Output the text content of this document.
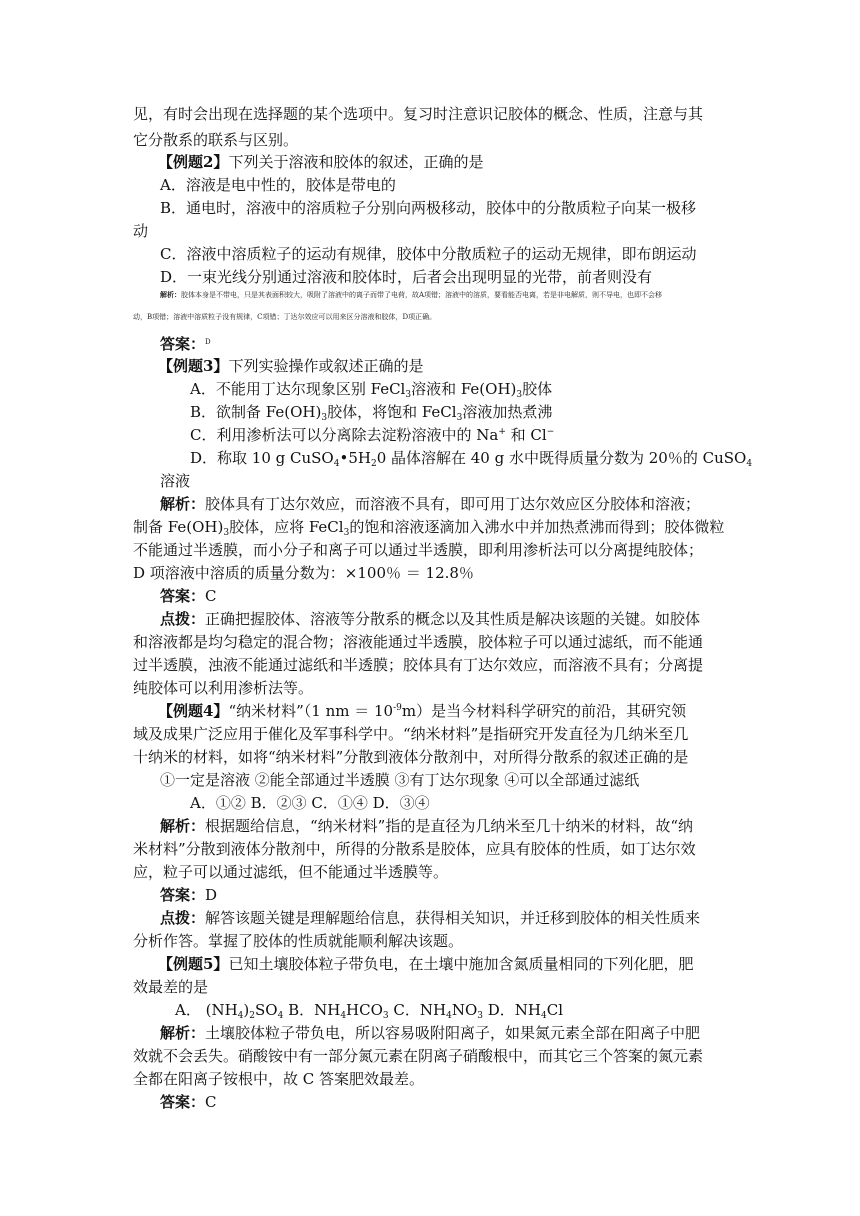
见，有时会出现在选择题的某个选项中。复习时注意识记胶体的概念、性质，注意与其
它分散系的联系与区别。
【例题2】下列关于溶液和胶体的叙述，正确的是
A．溶液是电中性的，胶体是带电的
B．通电时，溶液中的溶质粒子分别向两极移动，胶体中的分散质粒子向某一极移
动
C．溶液中溶质粒子的运动有规律，胶体中分散质粒子的运动无规律，即布朗运动
D．一束光线分别通过溶液和胶体时，后者会出现明显的光带，前者则没有
解析：胶体本身是不带电，只是其表面积较大，吸附了溶液中的离子而带了电荷，故A项错；溶液中的溶质，要看能否电离，若是非电解质，则不导电，也即不会移
动，B项错；溶液中溶质粒子没有规律，C项错；丁达尔效应可以用来区分溶液和胶体，D项正确。
答案：$^D$
【例题3】下列实验操作或叙述正确的是
A．不能用丁达尔现象区别 FeCl$_3$溶液和 $Fe(OH)_3$胶体
B．欲制备 $Fe(OH)_3$胶体，将饱和 FeCl$_3$溶液加热煮沸
C．利用渗析法可以分离除去淀粉溶液中的 Na+ 和 Cl−
D．称取 10 g $CuSO_4•5H_20$ 晶体溶解在 40 g 水中既得质量分数为 20％的 CuSO$_4$
溶液
解析：胶体具有丁达尔效应，而溶液不具有，即可用丁达尔效应区分胶体和溶液；
制备 $Fe(OH)_3$胶体，应将 FeCl$_3$的饱和溶液逐滴加入沸水中并加热煮沸而得到；胶体微粒
不能通过半透膜，而小分子和离子可以通过半透膜，即利用渗析法可以分离提纯胶体；
D 项溶液中溶质的质量分数为：×100％ ＝ 12.8％
答案：C
点拨：正确把握胶体、溶液等分散系的概念以及其性质是解决该题的关键。如胶体
和溶液都是均匀稳定的混合物；溶液能通过半透膜，胶体粒子可以通过滤纸，而不能通
过半透膜，浊液不能通过滤纸和半透膜；胶体具有丁达尔效应，而溶液不具有；分离提
纯胶体可以利用渗析法等。
【例题4】“纳米材料”（1 nm ＝ $10^{-9}m$）是当今材料科学研究的前沿，其研究领
域及成果广泛应用于催化及军事科学中。“纳米材料”是指研究开发直径为几纳米至几
十纳米的材料，如将“纳米材料”分散到液体分散剂中，对所得分散系的叙述正确的是
①一定是溶液 ②能全部通过半透膜 ③有丁达尔现象 ④可以全部通过滤纸
A．①② B．②③ C．①④ D．③④
解析：根据题给信息，“纳米材料”指的是直径为几纳米至几十纳米的材料，故“纳
米材料”分散到液体分散剂中，所得的分散系是胶体，应具有胶体的性质，如丁达尔效
应，粒子可以通过滤纸，但不能通过半透膜等。
答案：D
点拨：解答该题关键是理解题给信息，获得相关知识，并迁移到胶体的相关性质来
分析作答。掌握了胶体的性质就能顺利解决该题。
【例题5】已知土壤胶体粒子带负电，在土壤中施加含氮质量相同的下列化肥，肥
效最差的是
A． $(NH_4)_2SO_4$ B．$NH_4HCO_3$ C．$NH_4NO_3$ D．$NH_4Cl$
解析：土壤胶体粒子带负电，所以容易吸附阳离子，如果氮元素全部在阳离子中肥
效就不会丢失。硝酸铵中有一部分氮元素在阴离子硝酸根中，而其它三个答案的氮元素
全都在阳离子铵根中，故 C 答案肥效最差。
答案：C
